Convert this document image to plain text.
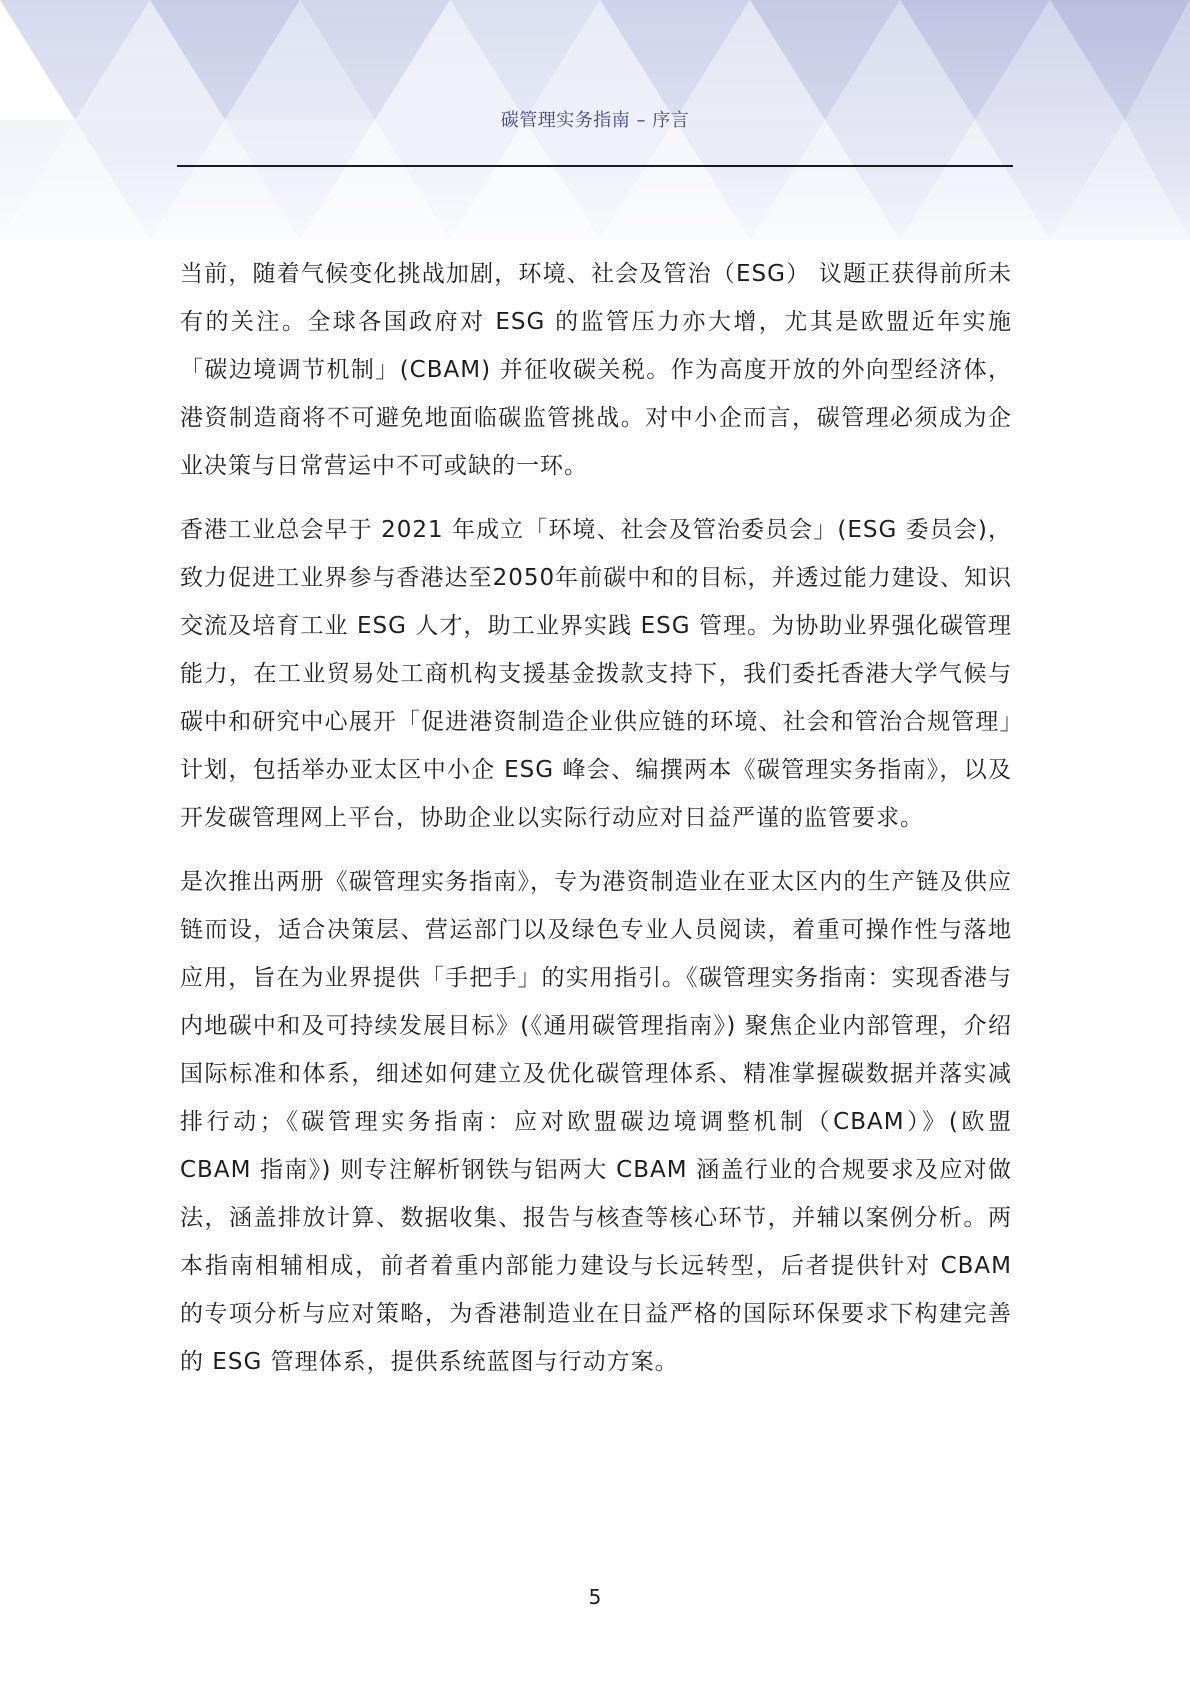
碳管理实务指南 – 序言

当前，随着气候变化挑战加剧，环境、社会及管治（ESG） 议题正获得前所未有的关注。全球各国政府对 ESG 的监管压力亦大增，尤其是欧盟近年实施「碳边境调节机制」(CBAM) 并征收碳关税。作为高度开放的外向型经济体，港资制造商将不可避免地面临碳监管挑战。对中小企而言，碳管理必须成为企业决策与日常营运中不可或缺的一环。

香港工业总会早于 2021 年成立「环境、社会及管治委员会」(ESG 委员会)，致力促进工业界参与香港达至2050年前碳中和的目标，并透过能力建设、知识交流及培育工业 ESG 人才，助工业界实践 ESG 管理。为协助业界强化碳管理能力，在工业贸易处工商机构支援基金拨款支持下，我们委托香港大学气候与碳中和研究中心展开「促进港资制造企业供应链的环境、社会和管治合规管理」计划，包括举办亚太区中小企 ESG 峰会、编撰两本《碳管理实务指南》，以及开发碳管理网上平台，协助企业以实际行动应对日益严谨的监管要求。

是次推出两册《碳管理实务指南》，专为港资制造业在亚太区内的生产链及供应链而设，适合决策层、营运部门以及绿色专业人员阅读，着重可操作性与落地应用，旨在为业界提供「手把手」的实用指引。《碳管理实务指南：实现香港与内地碳中和及可持续发展目标》(《通用碳管理指南》) 聚焦企业内部管理，介绍国际标准和体系，细述如何建立及优化碳管理体系、精准掌握碳数据并落实减排行动；《碳管理实务指南：应对欧盟碳边境调整机制（CBAM）》(欧盟 CBAM 指南》) 则专注解析钢铁与铝两大 CBAM 涵盖行业的合规要求及应对做法，涵盖排放计算、数据收集、报告与核查等核心环节，并辅以案例分析。两本指南相辅相成，前者着重内部能力建设与长远转型，后者提供针对 CBAM 的专项分析与应对策略，为香港制造业在日益严格的国际环保要求下构建完善的 ESG 管理体系，提供系统蓝图与行动方案。

5
